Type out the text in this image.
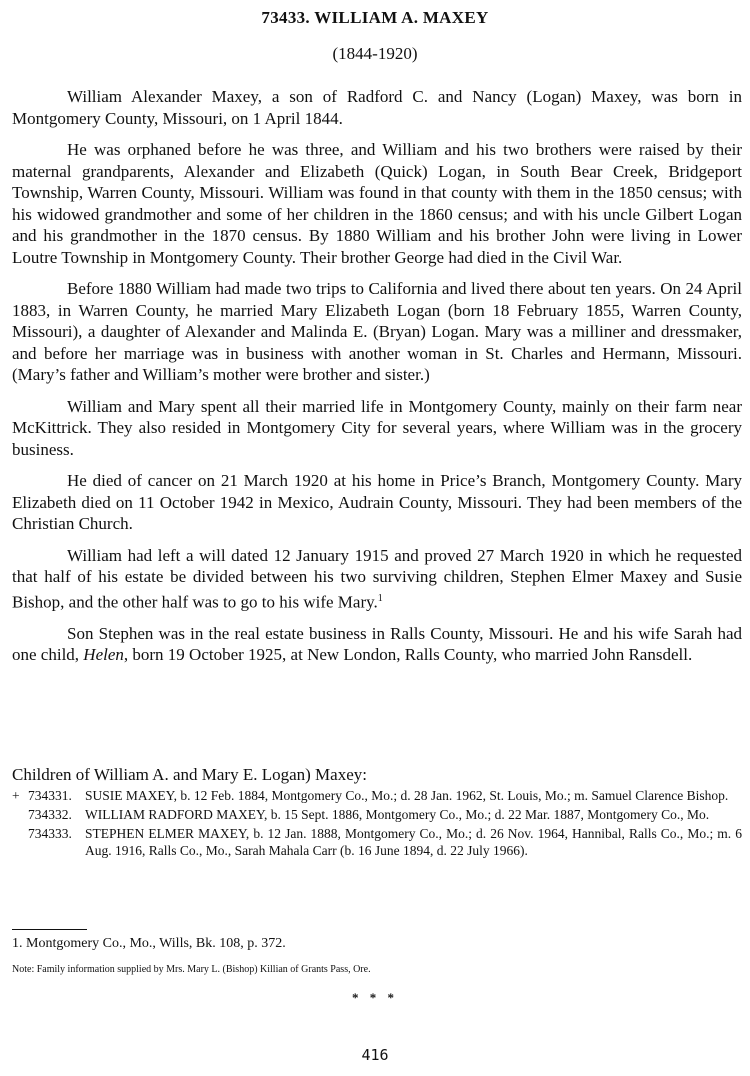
73433. WILLIAM A. MAXEY
(1844-1920)

William Alexander Maxey, a son of Radford C. and Nancy (Logan) Maxey, was born in Montgomery County, Missouri, on 1 April 1844.

He was orphaned before he was three, and William and his two brothers were raised by their maternal grandparents, Alexander and Elizabeth (Quick) Logan, in South Bear Creek, Bridgeport Township, Warren County, Missouri. William was found in that county with them in the 1850 census; with his widowed grandmother and some of her children in the 1860 census; and with his uncle Gilbert Logan and his grandmother in the 1870 census. By 1880 William and his brother John were living in Lower Loutre Township in Montgomery County. Their brother George had died in the Civil War.

Before 1880 William had made two trips to California and lived there about ten years. On 24 April 1883, in Warren County, he married Mary Elizabeth Logan (born 18 February 1855, Warren County, Missouri), a daughter of Alexander and Malinda E. (Bryan) Logan. Mary was a milliner and dressmaker, and before her marriage was in business with another woman in St. Charles and Hermann, Missouri. (Mary’s father and William’s mother were brother and sister.)

William and Mary spent all their married life in Montgomery County, mainly on their farm near McKittrick. They also resided in Montgomery City for several years, where William was in the grocery business.

He died of cancer on 21 March 1920 at his home in Price’s Branch, Montgomery County. Mary Elizabeth died on 11 October 1942 in Mexico, Audrain County, Missouri. They had been members of the Christian Church.

William had left a will dated 12 January 1915 and proved 27 March 1920 in which he requested that half of his estate be divided between his two surviving children, Stephen Elmer Maxey and Susie Bishop, and the other half was to go to his wife Mary.$^1$

Son Stephen was in the real estate business in Ralls County, Missouri. He and his wife Sarah had one child, Helen, born 19 October 1925, at New London, Ralls County, who married John Ransdell.

Children of William A. and Mary E. Logan) Maxey:
+ 734331. SUSIE MAXEY, b. 12 Feb. 1884, Montgomery Co., Mo.; d. 28 Jan. 1962, St. Louis, Mo.; m. Samuel Clarence Bishop.
734332. WILLIAM RADFORD MAXEY, b. 15 Sept. 1886, Montgomery Co., Mo.; d. 22 Mar. 1887, Montgomery Co., Mo.
734333. STEPHEN ELMER MAXEY, b. 12 Jan. 1888, Montgomery Co., Mo.; d. 26 Nov. 1964, Hannibal, Ralls Co., Mo.; m. 6 Aug. 1916, Ralls Co., Mo., Sarah Mahala Carr (b. 16 June 1894, d. 22 July 1966).
1. Montgomery Co., Mo., Wills, Bk. 108, p. 372.
Note: Family information supplied by Mrs. Mary L. (Bishop) Killian of Grants Pass, Ore.
* * *
416
